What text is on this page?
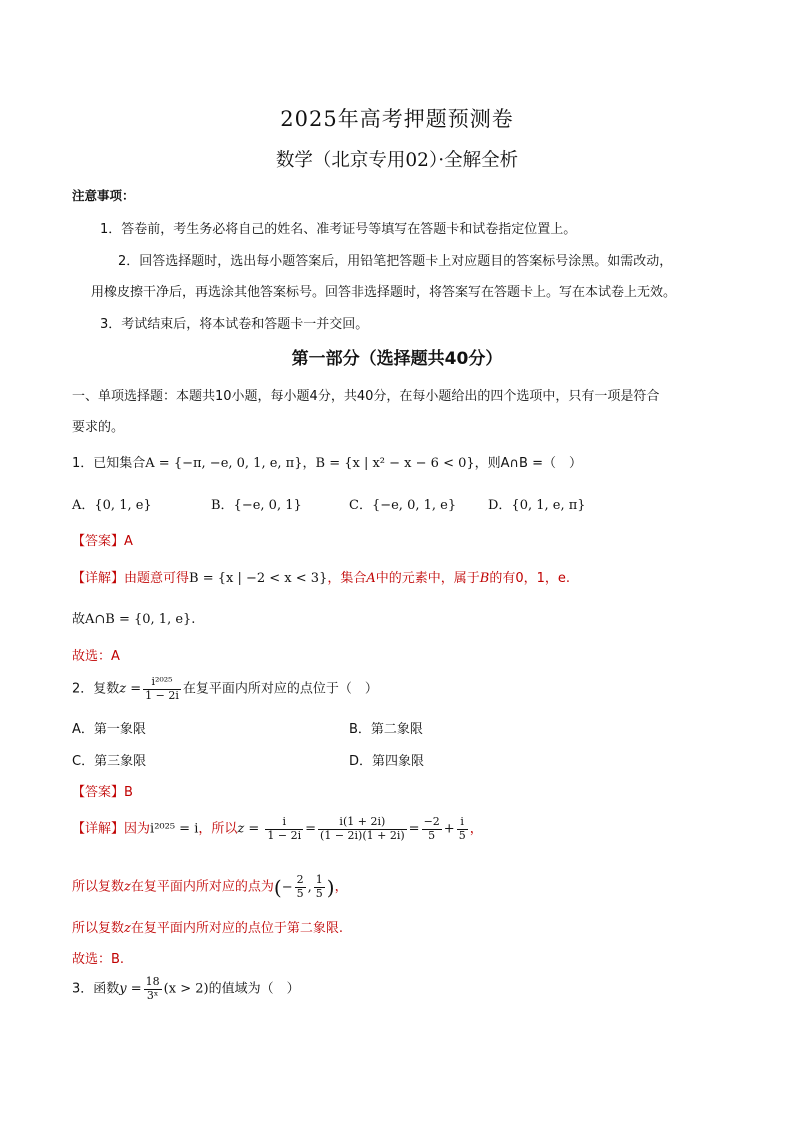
2025年高考押题预测卷
数学（北京专用02）·全解全析
注意事项：
1．答卷前，考生务必将自己的姓名、准考证号等填写在答题卡和试卷指定位置上。
2．回答选择题时，选出每小题答案后，用铅笔把答题卡上对应题目的答案标号涂黑。如需改动，
用橡皮擦干净后，再选涂其他答案标号。回答非选择题时，将答案写在答题卡上。写在本试卷上无效。
3．考试结束后，将本试卷和答题卡一并交回。
第一部分（选择题共40分）
一、单项选择题：本题共10小题，每小题4分，共40分，在每小题给出的四个选项中，只有一项是符合
要求的。
1．已知集合A = {−π, −e, 0, 1, e, π}，B = {x | x² − x − 6 < 0}，则A∩B =（　）
A．{0, 1, e}	B．{−e, 0, 1}	C．{−e, 0, 1, e} D．{0, 1, e, π}
【答案】A
【详解】由题意可得B = {x | −2 < x < 3}，集合A中的元素中，属于B的有0，1，e.
故A∩B = {0, 1, e}.
故选：A
2．复数$z = \frac{\text{i²⁰²⁵}}{1 - 2i}$ 在复平面内所对应的点位于（　）
A．第一象限	B．第二象限
C．第三象限	D．第四象限
【答案】B
【详解】因为i²⁰²⁵ = i，所以$z = \frac{i}{1 - 2i} = \frac{i(1 + 2i)}{(1 - 2i)(1 + 2i)} = \frac{-2}{5} + \frac{i}{5}$ ，
所以复数z在复平面内所对应的点为(− $\frac{2}{5}$ , $\frac{1}{5}$ )，
所以复数z在复平面内所对应的点位于第二象限.
故选：B.
3．函数$y = \frac{18}{\text{3ˣ}} (x > 2)$的值域为（　）
